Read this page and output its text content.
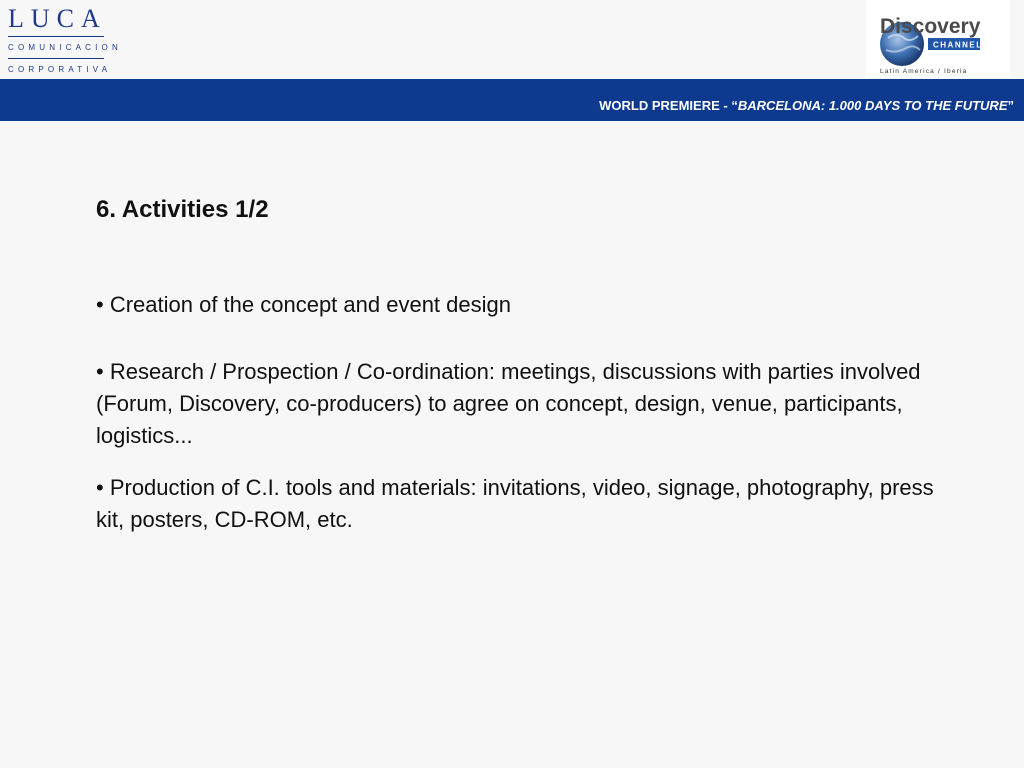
LUCA
COMUNICACION
CORPORATIVA
Discovery
CHANNEL
Latin America / Iberia
WORLD PREMIERE - “BARCELONA: 1.000 DAYS TO THE FUTURE”
6. Activities 1/2
• Creation of the concept and event design
• Research / Prospection / Co-ordination: meetings, discussions with parties involved (Forum, Discovery, co-producers) to agree on concept, design, venue, participants, logistics...
• Production of C.I. tools and materials: invitations, video, signage, photography, press kit, posters, CD-ROM, etc.
